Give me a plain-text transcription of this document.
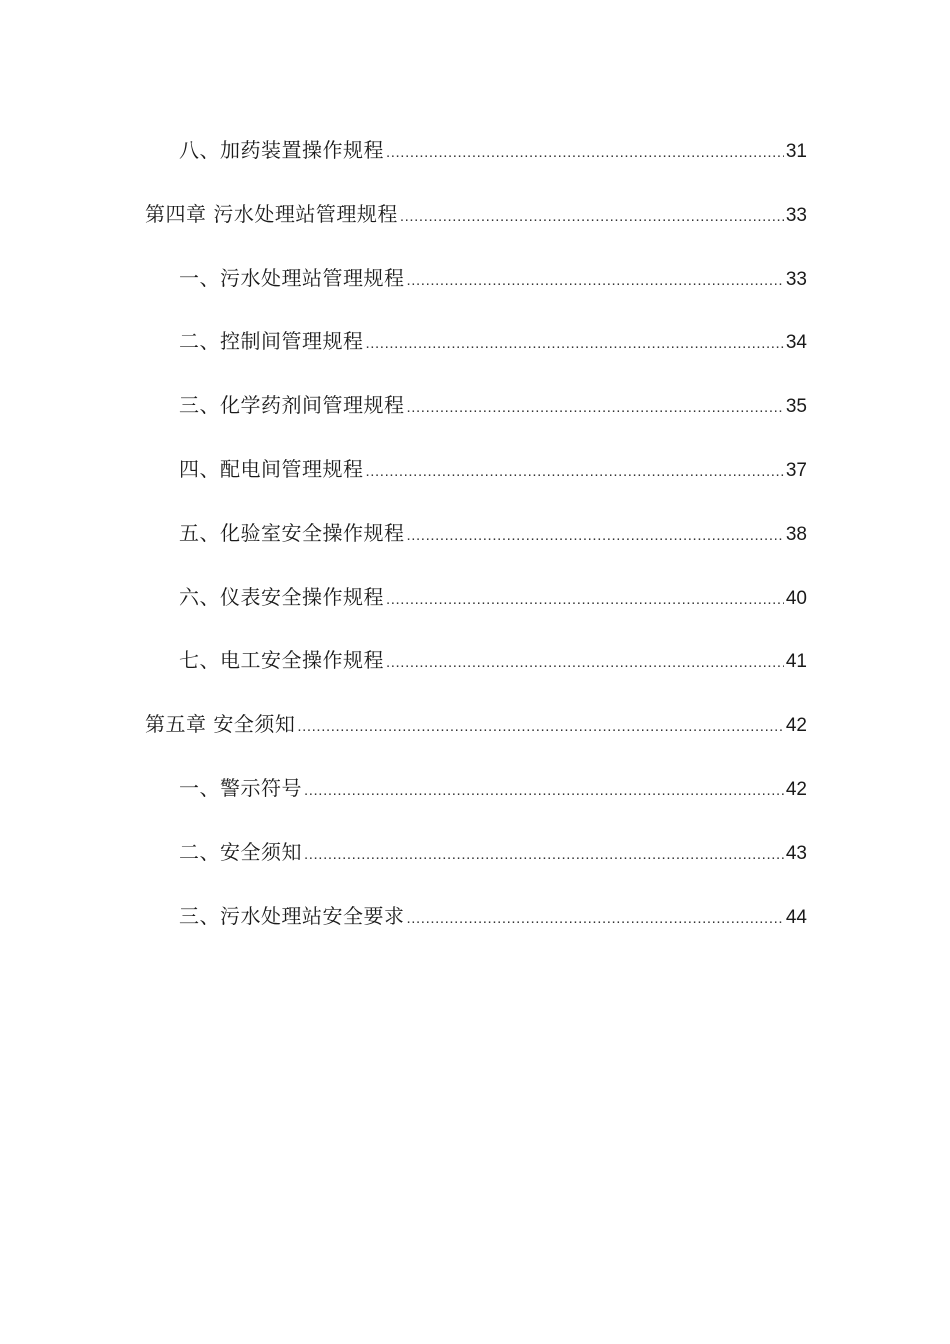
八、加药装置操作规程 .....	31
第四章 污水处理站管理规程 .....	33
一、污水处理站管理规程 .....	33
二、控制间管理规程 .....	34
三、化学药剂间管理规程 .....	35
四、配电间管理规程 .....	37
五、化验室安全操作规程 .....	38
六、仪表安全操作规程 .....	40
七、电工安全操作规程 .....	41
第五章 安全须知 .....	42
一、警示符号 .....	42
二、安全须知 .....	43
三、污水处理站安全要求 .....	44
